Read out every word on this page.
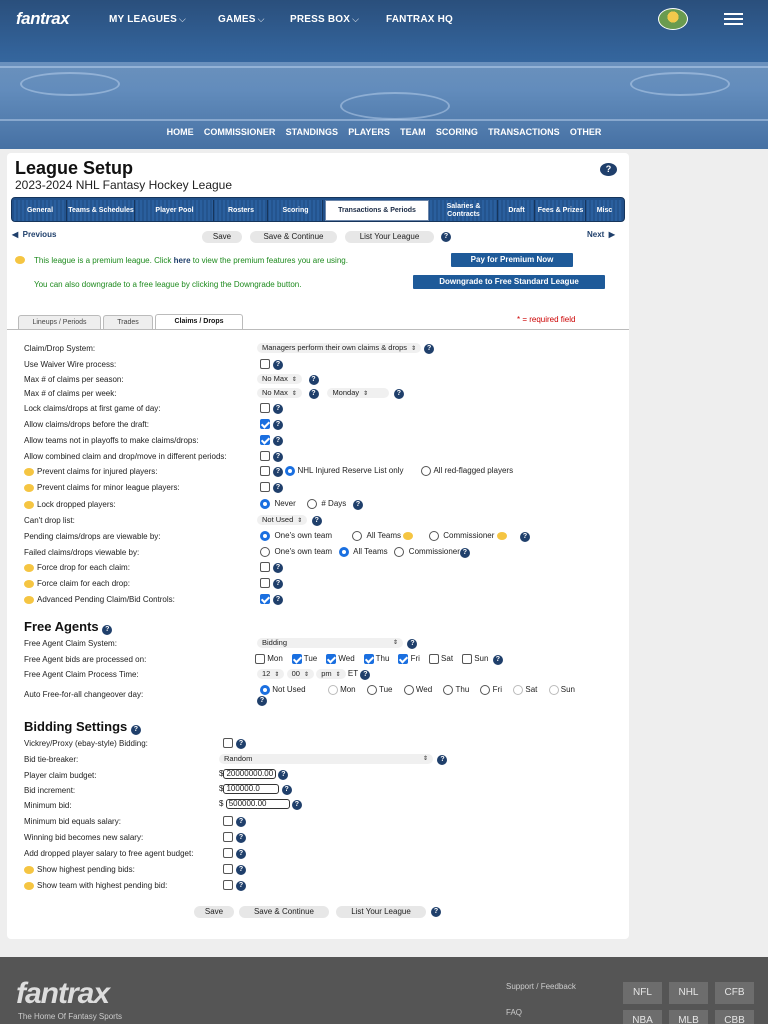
fantrax	MY LEAGUES ⌵	GAMES ⌵	PRESS BOX ⌵	FANTRAX HQ
HOME COMMISSIONER STANDINGS PLAYERS TEAM SCORING TRANSACTIONS OTHER
League Setup
2023-2024 NHL Fantasy Hockey League
?
General	Teams & Schedules	Player Pool	Rosters	Scoring	Transactions & Periods
Salaries & Contracts
Draft	Fees & Prizes	Misc
◀  Previous	Save	Save & Continue	List Your League	?	Next  ▶
This league is a premium league. Click here to view the premium features you are using.	Pay for Premium Now
You can also downgrade to a free league by clicking the Downgrade button.	Downgrade to Free Standard League
Lineups / Periods	Trades	Claims / Drops	* = required field
Claim/Drop System:	Managers perform their own claims & drops ⇕ ?
Use Waiver Wire process:	?
Max # of claims per season:	No Max ⇕ ?
Max # of claims per week:	No Max ⇕ ? Monday ⇕	?
Lock claims/drops at first game of day:	?
Allow claims/drops before the draft:	?
Allow teams not in playoffs to make claims/drops:	?
Allow combined claim and drop/move in different periods:	?
Prevent claims for injured players:	? NHL Injured Reserve List only	All red-flagged players
Prevent claims for minor league players:	?
Lock dropped players:	Never	# Days ?
Can't drop list:	Not Used ⇕ ?
Pending claims/drops are viewable by:	One's own team	All Teams	Commissioner	?
Failed claims/drops viewable by:	One's own team	All Teams	Commissioner ?
Force drop for each claim:	?
Force claim for each drop:	?
Advanced Pending Claim/Bid Controls:	?
Free Agents ?
Free Agent Claim System:	Bidding	⇕ ?
Free Agent bids are processed on:	Mon	Tue	Wed	Thu	Fri	Sat	Sun ?
Free Agent Claim Process Time:	12 ⇕ 00 ⇕ pm ⇕ ET ?
Auto Free-for-all changeover day:
Not Used	Mon	Tue	Wed	Thu	Fri	Sat	Sun
?
Bidding Settings ?
Vickrey/Proxy (ebay-style) Bidding:	?
Bid tie-breaker:	Random	⇕ ?
Player claim budget:	$ 20000000.00 ?
Bid increment:	$ 100000.0	?
Minimum bid:	$ 500000.00	?
Minimum bid equals salary:	?
Winning bid becomes new salary:	?
Add dropped player salary to free agent budget:	?
Show highest pending bids:	?
Show team with highest pending bid:	?
Save	Save & Continue	List Your League	?
fantrax
The Home Of Fantasy Sports
Support / Feedback
FAQ
NFL	NHL	CFB
NBA	MLB	CBB
